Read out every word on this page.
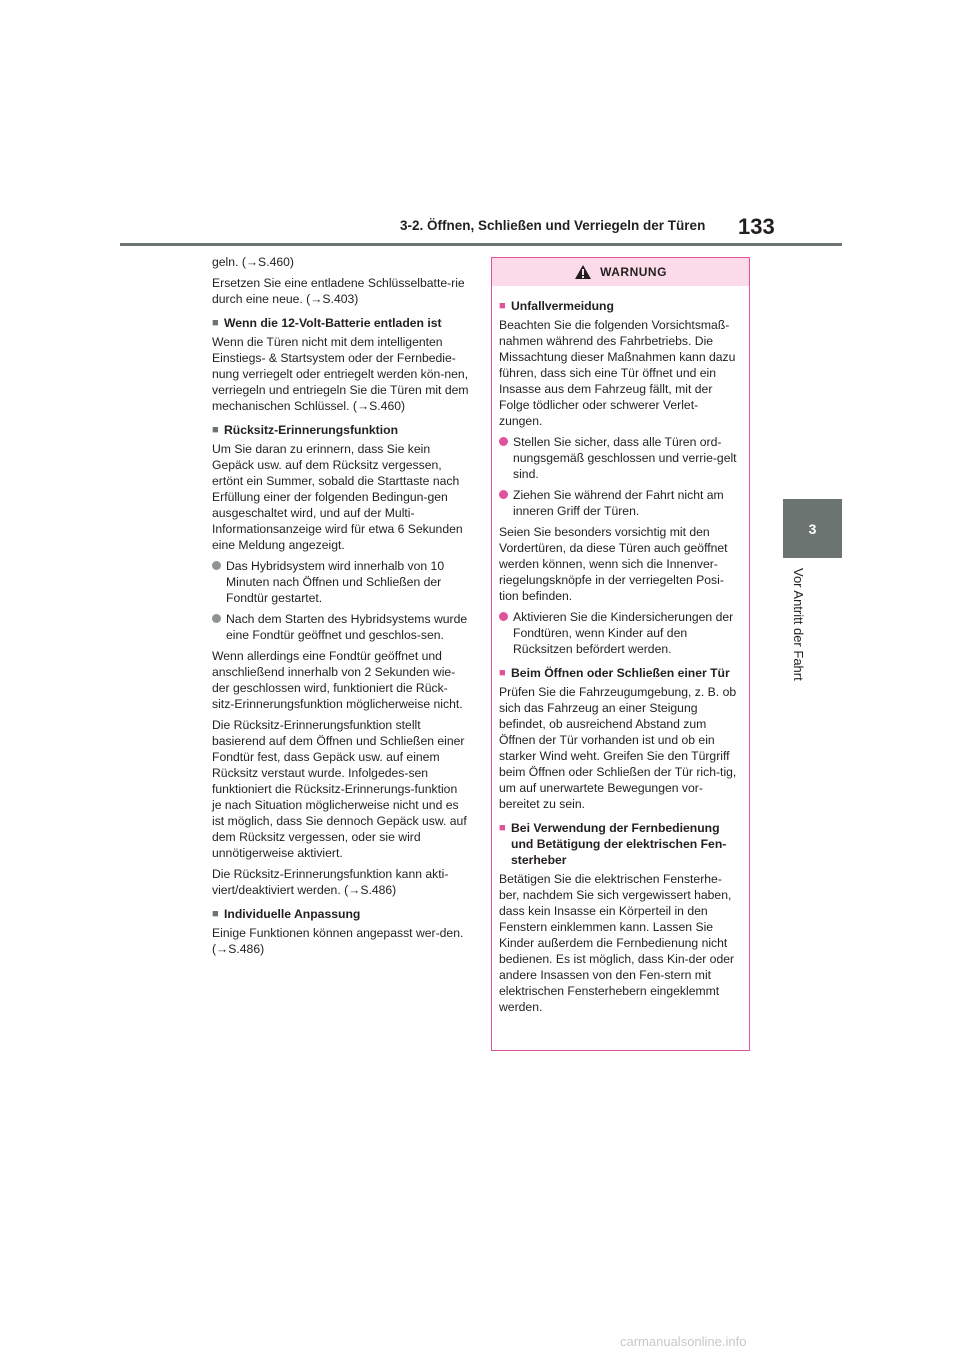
3-2. Öffnen, Schließen und Verriegeln der Türen 133
3
Vor Antritt der Fahrt

geln. (→S.460)

Ersetzen Sie eine entladene Schlüsselbatte-rie durch eine neue. (→S.403)

■ Wenn die 12-Volt-Batterie entladen ist

Wenn die Türen nicht mit dem intelligenten Einstiegs- & Startsystem oder der Fernbedie-nung verriegelt oder entriegelt werden kön-nen, verriegeln und entriegeln Sie die Türen mit dem mechanischen Schlüssel. (→S.460)

■ Rücksitz-Erinnerungsfunktion

Um Sie daran zu erinnern, dass Sie kein Gepäck usw. auf dem Rücksitz vergessen, ertönt ein Summer, sobald die Starttaste nach Erfüllung einer der folgenden Bedingun-gen ausgeschaltet wird, und auf der Multi-Informationsanzeige wird für etwa 6 Sekunden eine Meldung angezeigt.

Das Hybridsystem wird innerhalb von 10 Minuten nach Öffnen und Schließen der Fondtür gestartet.
Nach dem Starten des Hybridsystems wurde eine Fondtür geöffnet und geschlos-sen.

Wenn allerdings eine Fondtür geöffnet und anschließend innerhalb von 2 Sekunden wie-der geschlossen wird, funktioniert die Rück-sitz-Erinnerungsfunktion möglicherweise nicht.

Die Rücksitz-Erinnerungsfunktion stellt basierend auf dem Öffnen und Schließen einer Fondtür fest, dass Gepäck usw. auf einem Rücksitz verstaut wurde. Infolgedes-sen funktioniert die Rücksitz-Erinnerungs-funktion je nach Situation möglicherweise nicht und es ist möglich, dass Sie dennoch Gepäck usw. auf dem Rücksitz vergessen, oder sie wird unnötigerweise aktiviert.

Die Rücksitz-Erinnerungsfunktion kann akti-viert/deaktiviert werden. (→S.486)

■ Individuelle Anpassung

Einige Funktionen können angepasst wer-den. (→S.486)

WARNUNG
■ Unfallvermeidung

Beachten Sie die folgenden Vorsichtsmaß-nahmen während des Fahrbetriebs. Die Missachtung dieser Maßnahmen kann dazu führen, dass sich eine Tür öffnet und ein Insasse aus dem Fahrzeug fällt, mit der Folge tödlicher oder schwerer Verlet-zungen.

Stellen Sie sicher, dass alle Türen ord-nungsgemäß geschlossen und verrie-gelt sind.
Ziehen Sie während der Fahrt nicht am inneren Griff der Türen.

Seien Sie besonders vorsichtig mit den Vordertüren, da diese Türen auch geöffnet werden können, wenn sich die Innenver-riegelungsknöpfe in der verriegelten Posi-tion befinden.

Aktivieren Sie die Kindersicherungen der Fondtüren, wenn Kinder auf den Rücksitzen befördert werden.
■ Beim Öffnen oder Schließen einer Tür

Prüfen Sie die Fahrzeugumgebung, z. B. ob sich das Fahrzeug an einer Steigung befindet, ob ausreichend Abstand zum Öffnen der Tür vorhanden ist und ob ein starker Wind weht. Greifen Sie den Türgriff beim Öffnen oder Schließen der Tür rich-tig, um auf unerwartete Bewegungen vor-bereitet zu sein.

■ Bei Verwendung der Fernbedienung und Betätigung der elektrischen Fen-sterheber

Betätigen Sie die elektrischen Fensterhe-ber, nachdem Sie sich vergewissert haben, dass kein Insasse ein Körperteil in den Fenstern einklemmen kann. Lassen Sie Kinder außerdem die Fernbedienung nicht bedienen. Es ist möglich, dass Kin-der oder andere Insassen von den Fen-stern mit elektrischen Fensterhebern eingeklemmt werden.

carmanualsonline.info
